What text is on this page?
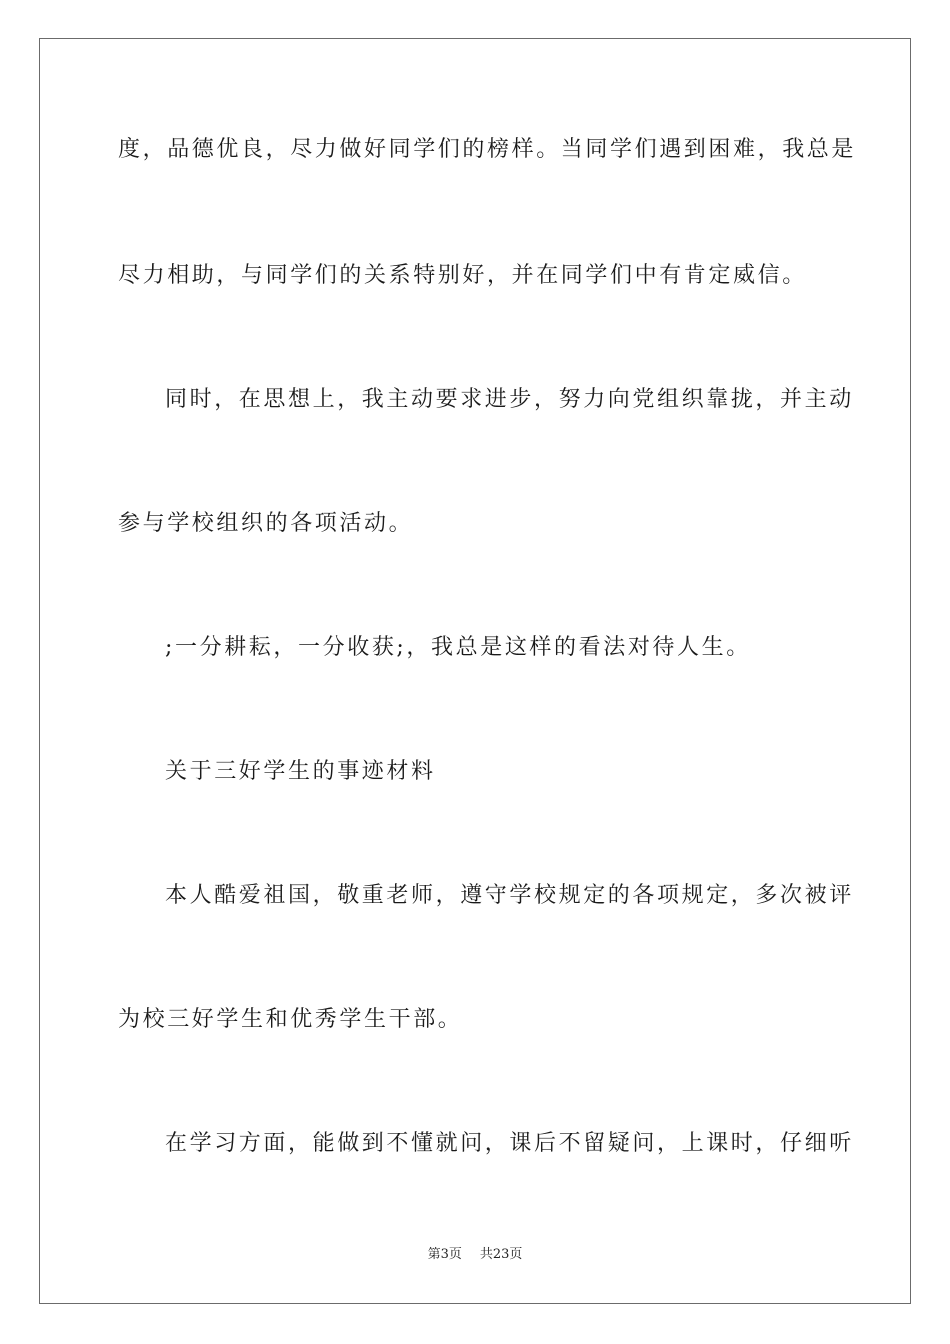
度，品德优良，尽力做好同学们的榜样。当同学们遇到困难，我总是
尽力相助，与同学们的关系特别好，并在同学们中有肯定威信。
同时，在思想上，我主动要求进步，努力向党组织靠拢，并主动
参与学校组织的各项活动。
;一分耕耘，一分收获;，我总是这样的看法对待人生。
关于三好学生的事迹材料
本人酷爱祖国，敬重老师，遵守学校规定的各项规定，多次被评
为校三好学生和优秀学生干部。
在学习方面，能做到不懂就问，课后不留疑问，上课时，仔细听
第3页 共23页
